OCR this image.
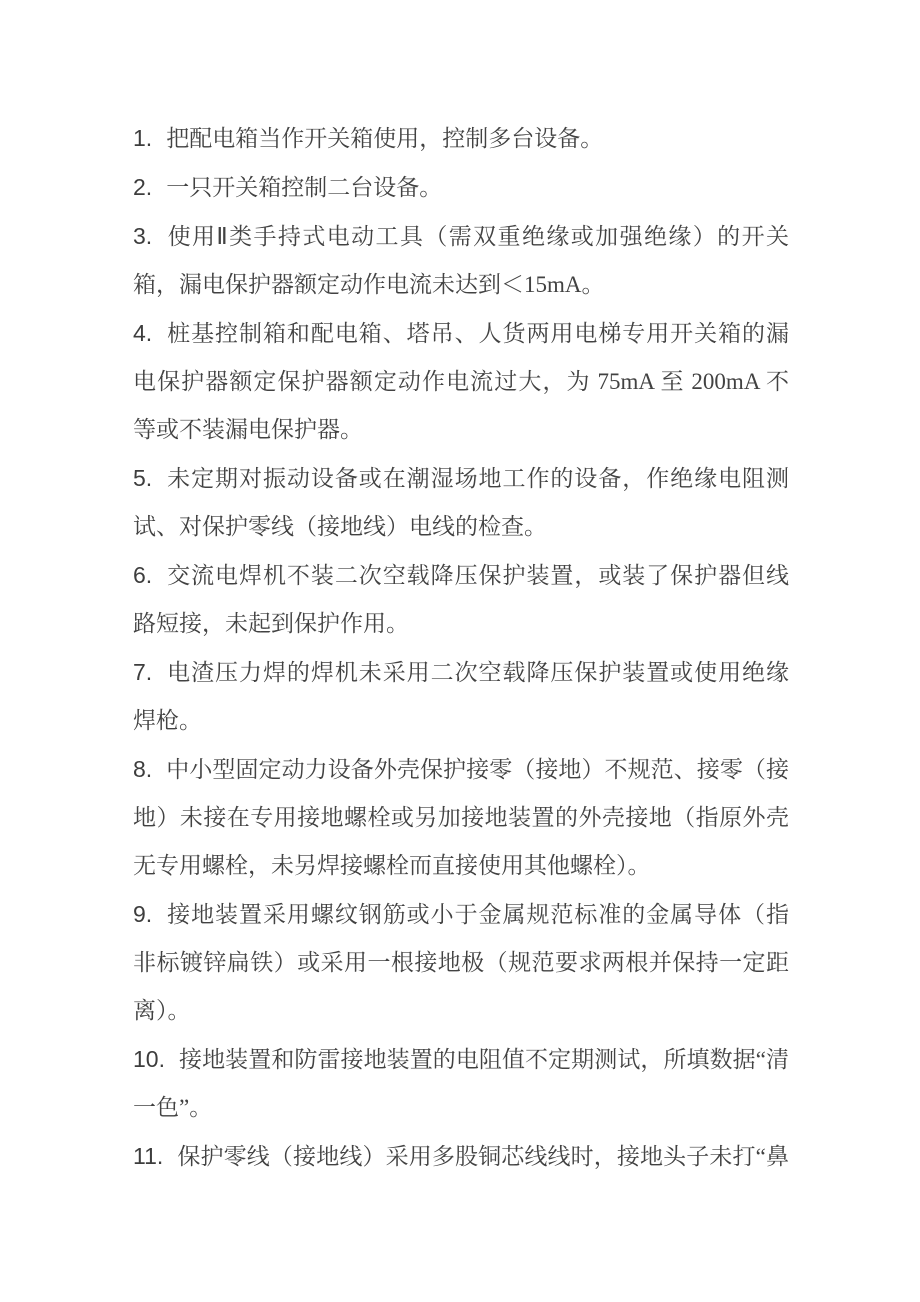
1. 把配电箱当作开关箱使用，控制多台设备。
2. 一只开关箱控制二台设备。
3. 使用Ⅱ类手持式电动工具（需双重绝缘或加强绝缘）的开关
箱，漏电保护器额定动作电流未达到＜15mA。
4. 桩基控制箱和配电箱、塔吊、人货两用电梯专用开关箱的漏
电保护器额定保护器额定动作电流过大，为 75mA 至 200mA 不
等或不装漏电保护器。
5. 未定期对振动设备或在潮湿场地工作的设备，作绝缘电阻测
试、对保护零线（接地线）电线的检查。
6. 交流电焊机不装二次空载降压保护装置，或装了保护器但线
路短接，未起到保护作用。
7. 电渣压力焊的焊机未采用二次空载降压保护装置或使用绝缘
焊枪。
8. 中小型固定动力设备外壳保护接零（接地）不规范、接零（接
地）未接在专用接地螺栓或另加接地装置的外壳接地（指原外壳
无专用螺栓，未另焊接螺栓而直接使用其他螺栓）。
9. 接地装置采用螺纹钢筋或小于金属规范标准的金属导体（指
非标镀锌扁铁）或采用一根接地极（规范要求两根并保持一定距
离）。
10. 接地装置和防雷接地装置的电阻值不定期测试，所填数据“清
一色”。
11. 保护零线（接地线）采用多股铜芯线线时，接地头子未打“鼻
